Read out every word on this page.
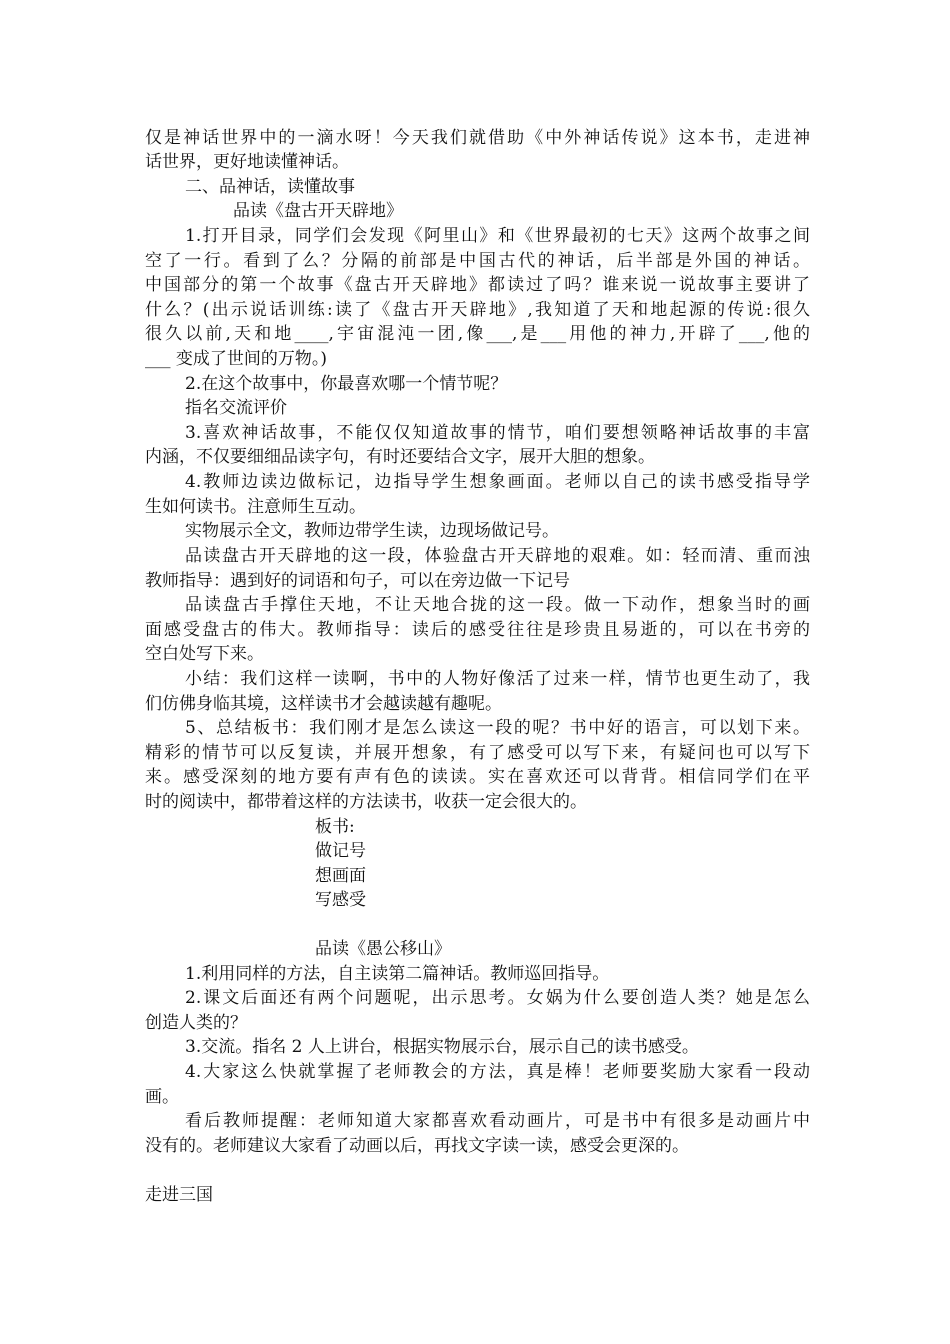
仅是神话世界中的一滴水呀！今天我们就借助《中外神话传说》这本书，走进神
话世界，更好地读懂神话。
二、品神话，读懂故事
品读《盘古开天辟地》
1.打开目录，同学们会发现《阿里山》和《世界最初的七天》这两个故事之间
空了一行。看到了么？分隔的前部是中国古代的神话，后半部是外国的神话。
中国部分的第一个故事《盘古开天辟地》都读过了吗？谁来说一说故事主要讲了
什么？(出示说话训练:读了《盘古开天辟地》,我知道了天和地起源的传说:很久
很久以前,天和地____,宇宙混沌一团,像___,是___用他的神力,开辟了___,他的
___ 变成了世间的万物。)
2.在这个故事中，你最喜欢哪一个情节呢？
指名交流评价
3.喜欢神话故事，不能仅仅知道故事的情节，咱们要想领略神话故事的丰富
内涵，不仅要细细品读字句，有时还要结合文字，展开大胆的想象。
4.教师边读边做标记，边指导学生想象画面。老师以自己的读书感受指导学
生如何读书。注意师生互动。
实物展示全文，教师边带学生读，边现场做记号。
品读盘古开天辟地的这一段，体验盘古开天辟地的艰难。如：轻而清、重而浊
教师指导：遇到好的词语和句子，可以在旁边做一下记号
品读盘古手撑住天地，不让天地合拢的这一段。做一下动作，想象当时的画
面感受盘古的伟大。教师指导：读后的感受往往是珍贵且易逝的，可以在书旁的
空白处写下来。
小结：我们这样一读啊，书中的人物好像活了过来一样，情节也更生动了，我
们仿佛身临其境，这样读书才会越读越有趣呢。
5、总结板书：我们刚才是怎么读这一段的呢？书中好的语言，可以划下来。
精彩的情节可以反复读，并展开想象，有了感受可以写下来，有疑问也可以写下
来。感受深刻的地方要有声有色的读读。实在喜欢还可以背背。相信同学们在平
时的阅读中，都带着这样的方法读书，收获一定会很大的。
板书:
做记号
想画面
写感受
品读《愚公移山》
1.利用同样的方法，自主读第二篇神话。教师巡回指导。
2.课文后面还有两个问题呢，出示思考。女娲为什么要创造人类？她是怎么
创造人类的？
3.交流。指名 2 人上讲台，根据实物展示台，展示自己的读书感受。
4.大家这么快就掌握了老师教会的方法，真是棒！老师要奖励大家看一段动
画。
看后教师提醒：老师知道大家都喜欢看动画片，可是书中有很多是动画片中
没有的。老师建议大家看了动画以后，再找文字读一读，感受会更深的。
走进三国
